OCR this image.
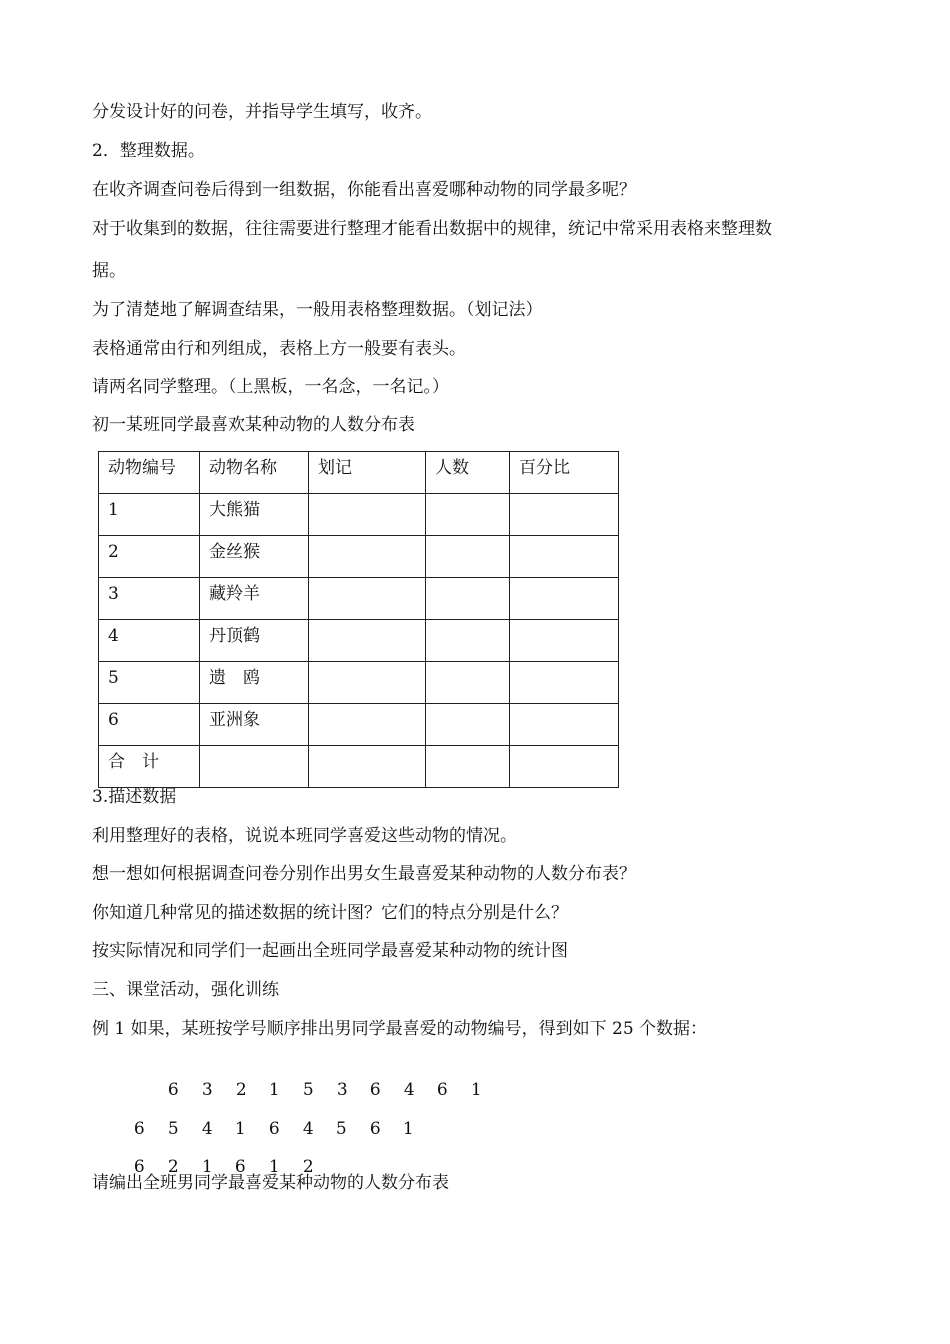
分发设计好的问卷，并指导学生填写，收齐。
2．整理数据。
在收齐调查问卷后得到一组数据，你能看出喜爱哪种动物的同学最多呢？
对于收集到的数据，往往需要进行整理才能看出数据中的规律，统记中常采用表格来整理数
据。
为了清楚地了解调查结果，一般用表格整理数据。（划记法）
表格通常由行和列组成，表格上方一般要有表头。
请两名同学整理。（上黑板，一名念，一名记。）
初一某班同学最喜欢某种动物的人数分布表
动物编号	动物名称	划记	人数	百分比
1	大熊猫			
2	金丝猴			
3	藏羚羊			
4	丹顶鹤			
5	遗　鸥			
6	亚洲象			
合　计				
3.描述数据
利用整理好的表格，说说本班同学喜爱这些动物的情况。
想一想如何根据调查问卷分别作出男女生最喜爱某种动物的人数分布表？
你知道几种常见的描述数据的统计图？它们的特点分别是什么？
按实际情况和同学们一起画出全班同学最喜爱某种动物的统计图
三、课堂活动，强化训练
例 1 如果，某班按学号顺序排出男同学最喜爱的动物编号，得到如下 25 个数据：

6 3 2 1 5 3 6 4 6 1

6 5 4 1 6 4 5 6 1

6 2 1 6 1 2

请编出全班男同学最喜爱某种动物的人数分布表
